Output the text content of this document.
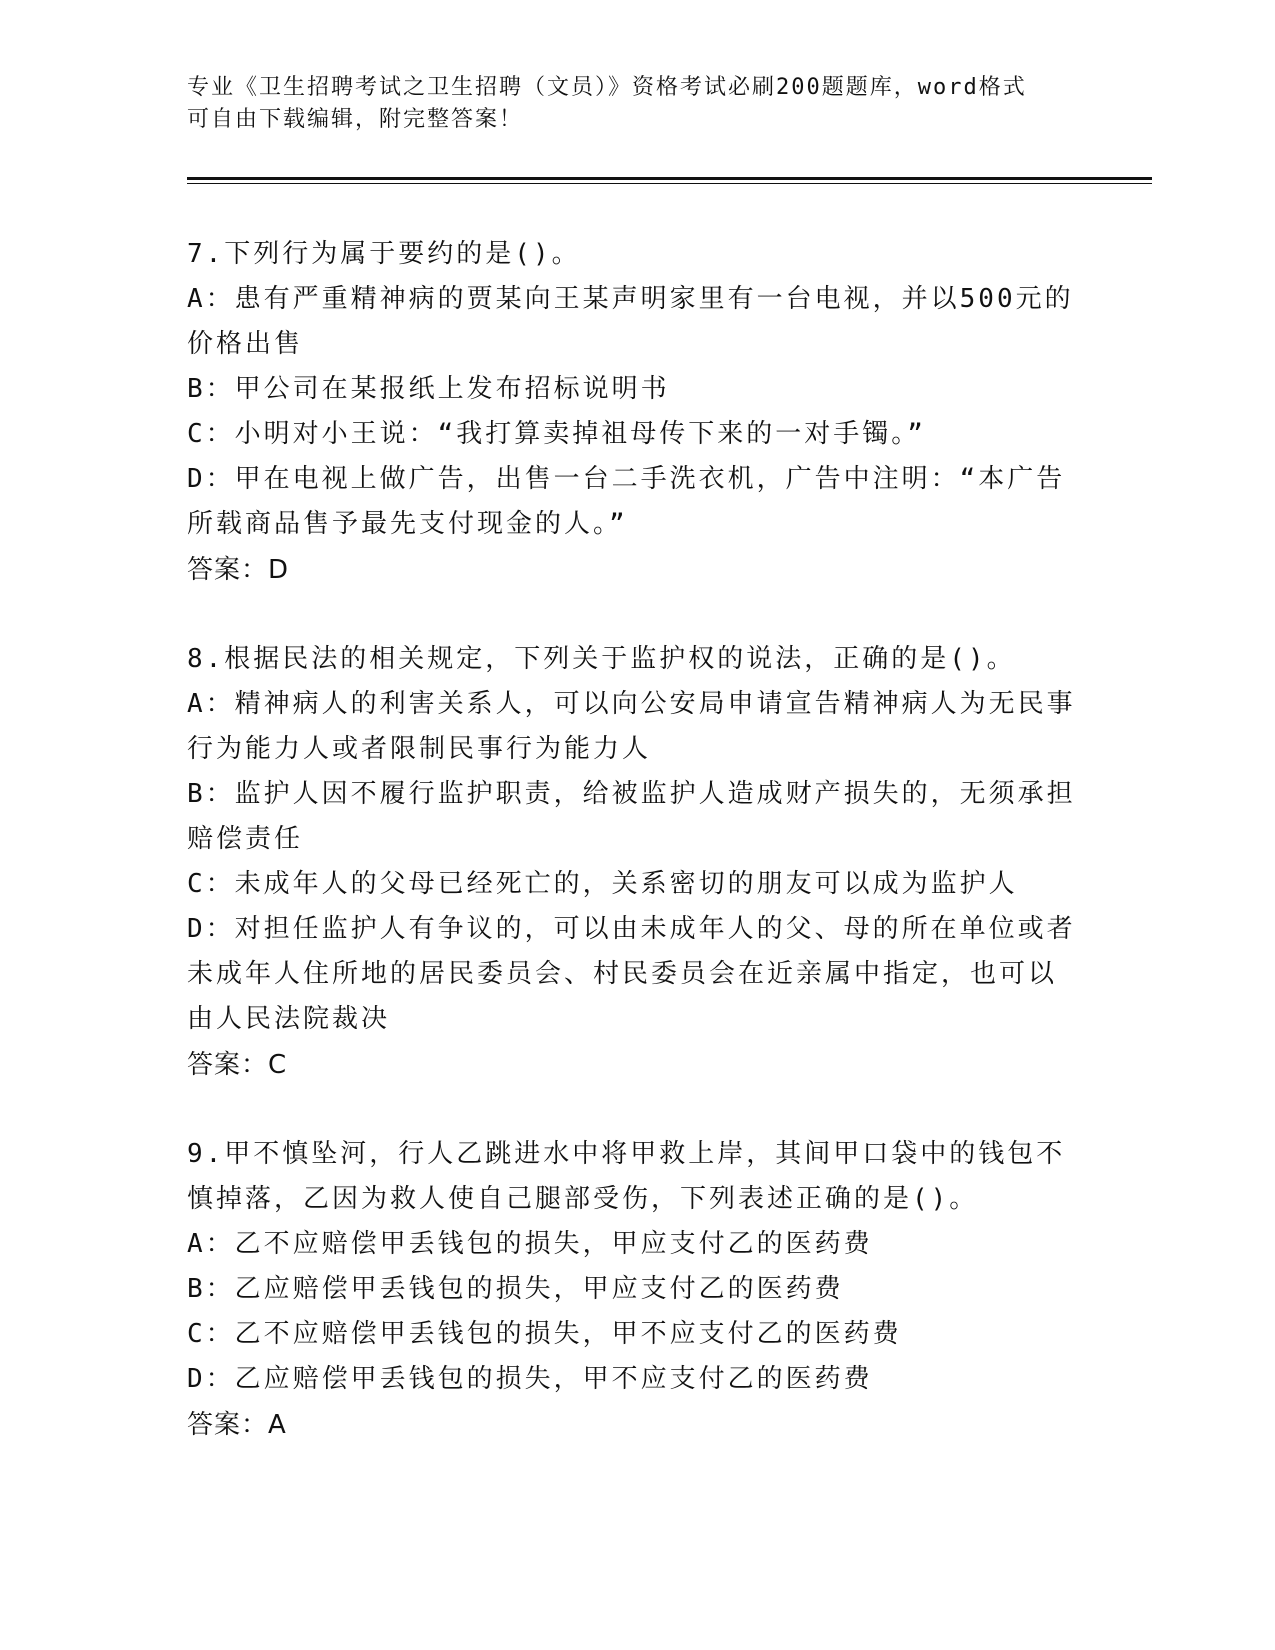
专业《卫生招聘考试之卫生招聘（文员）》资格考试必刷200题题库，word格式
可自由下载编辑，附完整答案！
7.下列行为属于要约的是()。
A：患有严重精神病的贾某向王某声明家里有一台电视，并以500元的价格出售
B：甲公司在某报纸上发布招标说明书
C：小明对小王说：“我打算卖掉祖母传下来的一对手镯。”
D：甲在电视上做广告，出售一台二手洗衣机，广告中注明：“本广告所载商品售予最先支付现金的人。”
答案：D
8.根据民法的相关规定，下列关于监护权的说法，正确的是()。
A：精神病人的利害关系人，可以向公安局申请宣告精神病人为无民事行为能力人或者限制民事行为能力人
B：监护人因不履行监护职责，给被监护人造成财产损失的，无须承担赔偿责任
C：未成年人的父母已经死亡的，关系密切的朋友可以成为监护人
D：对担任监护人有争议的，可以由未成年人的父、母的所在单位或者未成年人住所地的居民委员会、村民委员会在近亲属中指定，也可以由人民法院裁决
答案：C
9.甲不慎坠河，行人乙跳进水中将甲救上岸，其间甲口袋中的钱包不慎掉落，乙因为救人使自己腿部受伤，下列表述正确的是()。
A：乙不应赔偿甲丢钱包的损失，甲应支付乙的医药费
B：乙应赔偿甲丢钱包的损失，甲应支付乙的医药费
C：乙不应赔偿甲丢钱包的损失，甲不应支付乙的医药费
D：乙应赔偿甲丢钱包的损失，甲不应支付乙的医药费
答案：A
